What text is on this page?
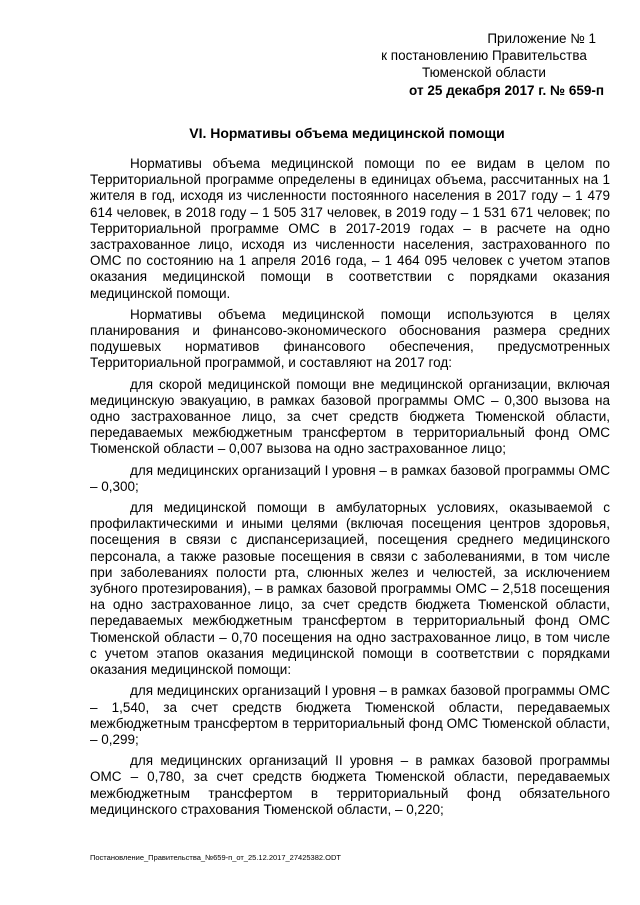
Приложение № 1
к постановлению Правительства
Тюменской области
от 25 декабря 2017 г. № 659-п
VI. Нормативы объема медицинской помощи

Нормативы объема медицинской помощи по ее видам в целом по Территориальной программе определены в единицах объема, рассчитанных на 1 жителя в год, исходя из численности постоянного населения в 2017 году – 1 479 614 человек, в 2018 году – 1 505 317 человек, в 2019 году – 1 531 671 человек; по Территориальной программе ОМС в 2017-2019 годах – в расчете на одно застрахованное лицо, исходя из численности населения, застрахованного по ОМС по состоянию на 1 апреля 2016 года, – 1 464 095 человек с учетом этапов оказания медицинской помощи в соответствии с порядками оказания медицинской помощи.

Нормативы объема медицинской помощи используются в целях планирования и финансово-экономического обоснования размера средних подушевых нормативов финансового обеспечения, предусмотренных Территориальной программой, и составляют на 2017 год:

для скорой медицинской помощи вне медицинской организации, включая медицинскую эвакуацию, в рамках базовой программы ОМС – 0,300 вызова на одно застрахованное лицо, за счет средств бюджета Тюменской области, передаваемых межбюджетным трансфертом в территориальный фонд ОМС Тюменской области – 0,007 вызова на одно застрахованное лицо;

для медицинских организаций I уровня – в рамках базовой программы ОМС – 0,300;

для медицинской помощи в амбулаторных условиях, оказываемой с профилактическими и иными целями (включая посещения центров здоровья, посещения в связи с диспансеризацией, посещения среднего медицинского персонала, а также разовые посещения в связи с заболеваниями, в том числе при заболеваниях полости рта, слюнных желез и челюстей, за исключением зубного протезирования), – в рамках базовой программы ОМС – 2,518 посещения на одно застрахованное лицо, за счет средств бюджета Тюменской области, передаваемых межбюджетным трансфертом в территориальный фонд ОМС Тюменской области – 0,70 посещения на одно застрахованное лицо, в том числе с учетом этапов оказания медицинской помощи в соответствии с порядками оказания медицинской помощи:

для медицинских организаций I уровня – в рамках базовой программы ОМС – 1,540, за счет средств бюджета Тюменской области, передаваемых межбюджетным трансфертом в территориальный фонд ОМС Тюменской области, – 0,299;

для медицинских организаций II уровня – в рамках базовой программы ОМС – 0,780, за счет средств бюджета Тюменской области, передаваемых межбюджетным трансфертом в территориальный фонд обязательного медицинского страхования Тюменской области, – 0,220;

Постановление_Правительства_№659-п_от_25.12.2017_27425382.ODT
